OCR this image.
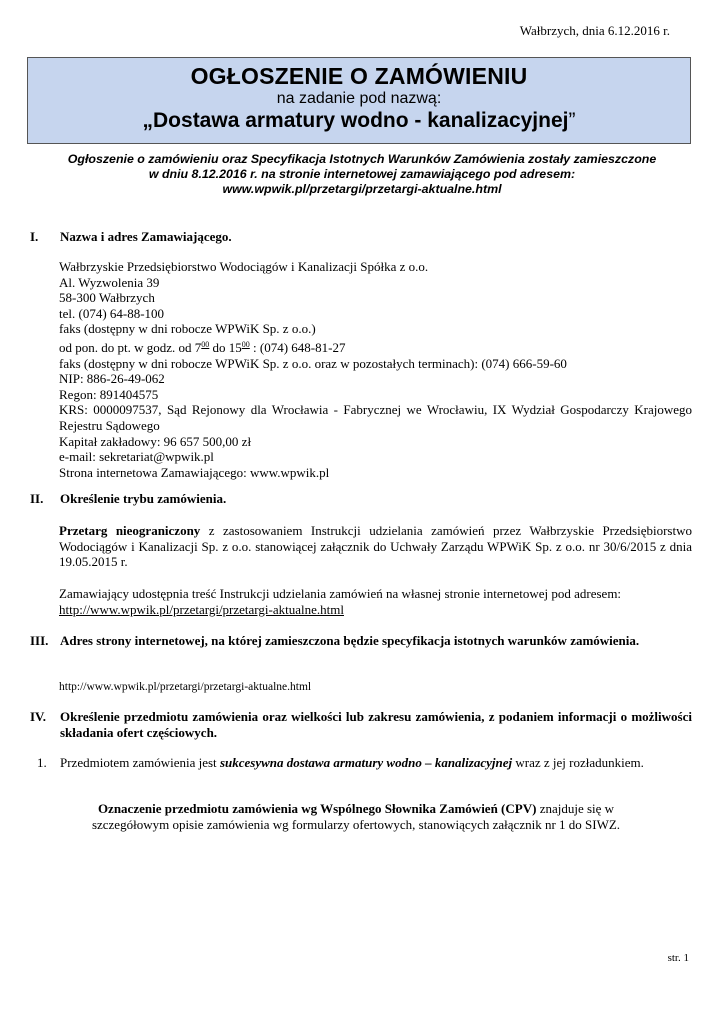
Wałbrzych, dnia 6.12.2016 r.
OGŁOSZENIE O ZAMÓWIENIU
na zadanie pod nazwą:
„Dostawa armatury wodno - kanalizacyjnej”
Ogłoszenie o zamówieniu oraz Specyfikacja Istotnych Warunków Zamówienia zostały zamieszczone
w dniu 8.12.2016 r. na stronie internetowej zamawiającego pod adresem:
www.wpwik.pl/przetargi/przetargi-aktualne.html
I. Nazwa i adres Zamawiającego.

Wałbrzyskie Przedsiębiorstwo Wodociągów i Kanalizacji Spółka z o.o.

Al. Wyzwolenia 39

58-300 Wałbrzych

tel. (074) 64-88-100

faks (dostępny w dni robocze WPWiK Sp. z o.o.)

od pon. do pt. w godz. od $7^{00}$ do $15^{00}$ : (074) 648-81-27

faks (dostępny w dni robocze WPWiK Sp. z o.o. oraz w pozostałych terminach): (074) 666-59-60

NIP: 886-26-49-062

Regon: 891404575

KRS: 0000097537, Sąd Rejonowy dla Wrocławia - Fabrycznej we Wrocławiu, IX Wydział Gospodarczy Krajowego Rejestru Sądowego

Kapitał zakładowy: 96 657 500,00 zł

e-mail: sekretariat@wpwik.pl

Strona internetowa Zamawiającego: www.wpwik.pl

II. Określenie trybu zamówienia.

Przetarg nieograniczony z zastosowaniem Instrukcji udzielania zamówień przez Wałbrzyskie Przedsiębiorstwo Wodociągów i Kanalizacji Sp. z o.o. stanowiącej załącznik do Uchwały Zarządu WPWiK Sp. z o.o. nr 30/6/2015 z dnia 19.05.2015 r.

Zamawiający udostępnia treść Instrukcji udzielania zamówień na własnej stronie internetowej pod adresem:

http://www.wpwik.pl/przetargi/przetargi-aktualne.html

III. Adres strony internetowej, na której zamieszczona będzie specyfikacja istotnych warunków zamówienia.

http://www.wpwik.pl/przetargi/przetargi-aktualne.html

IV. Określenie przedmiotu zamówienia oraz wielkości lub zakresu zamówienia, z podaniem informacji o możliwości składania ofert częściowych.
1. Przedmiotem zamówienia jest sukcesywna dostawa armatury wodno – kanalizacyjnej wraz z jej rozładunkiem.
Oznaczenie przedmiotu zamówienia wg Wspólnego Słownika Zamówień (CPV) znajduje się w
szczegółowym opisie zamówienia wg formularzy ofertowych, stanowiących załącznik nr 1 do SIWZ.
str. 1
